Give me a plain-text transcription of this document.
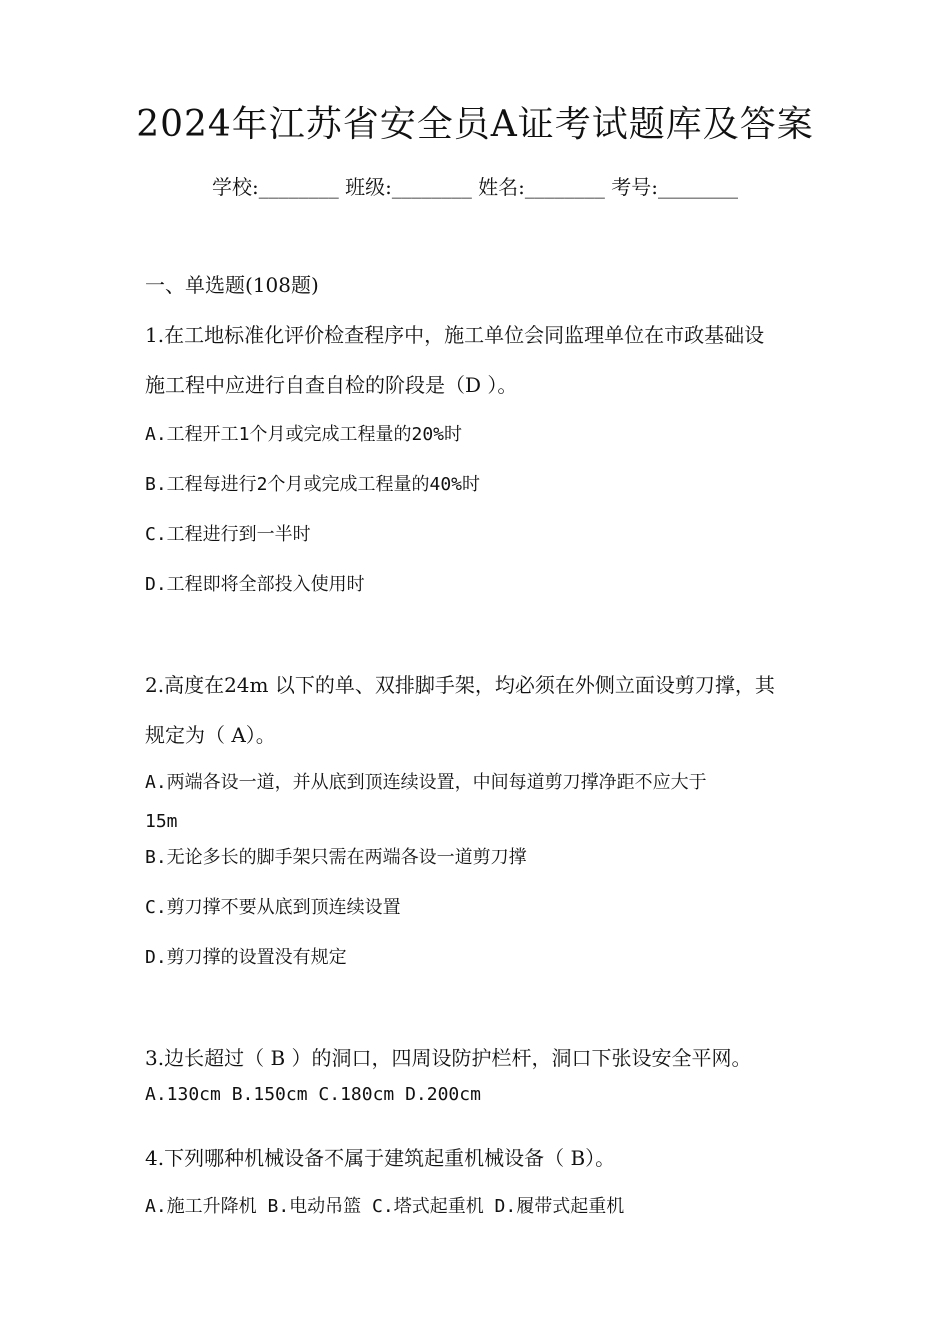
2024年江苏省安全员A证考试题库及答案
学校:________ 班级:________ 姓名:________ 考号:________
一、单选题(108题)
1.在工地标准化评价检查程序中，施工单位会同监理单位在市政基础设
施工程中应进行自查自检的阶段是（D ）。
A.工程开工1个月或完成工程量的20%时
B.工程每进行2个月或完成工程量的40%时
C.工程进行到一半时
D.工程即将全部投入使用时
2.高度在24m 以下的单、双排脚手架，均必须在外侧立面设剪刀撑，其
规定为（ A）。
A.两端各设一道，并从底到顶连续设置，中间每道剪刀撑净距不应大于
15m
B.无论多长的脚手架只需在两端各设一道剪刀撑
C.剪刀撑不要从底到顶连续设置
D.剪刀撑的设置没有规定
3.边长超过（ B ）的洞口，四周设防护栏杆，洞口下张设安全平网。
A.130cm B.150cm C.180cm D.200cm
4.下列哪种机械设备不属于建筑起重机械设备（ B）。
A.施工升降机 B.电动吊篮 C.塔式起重机 D.履带式起重机
